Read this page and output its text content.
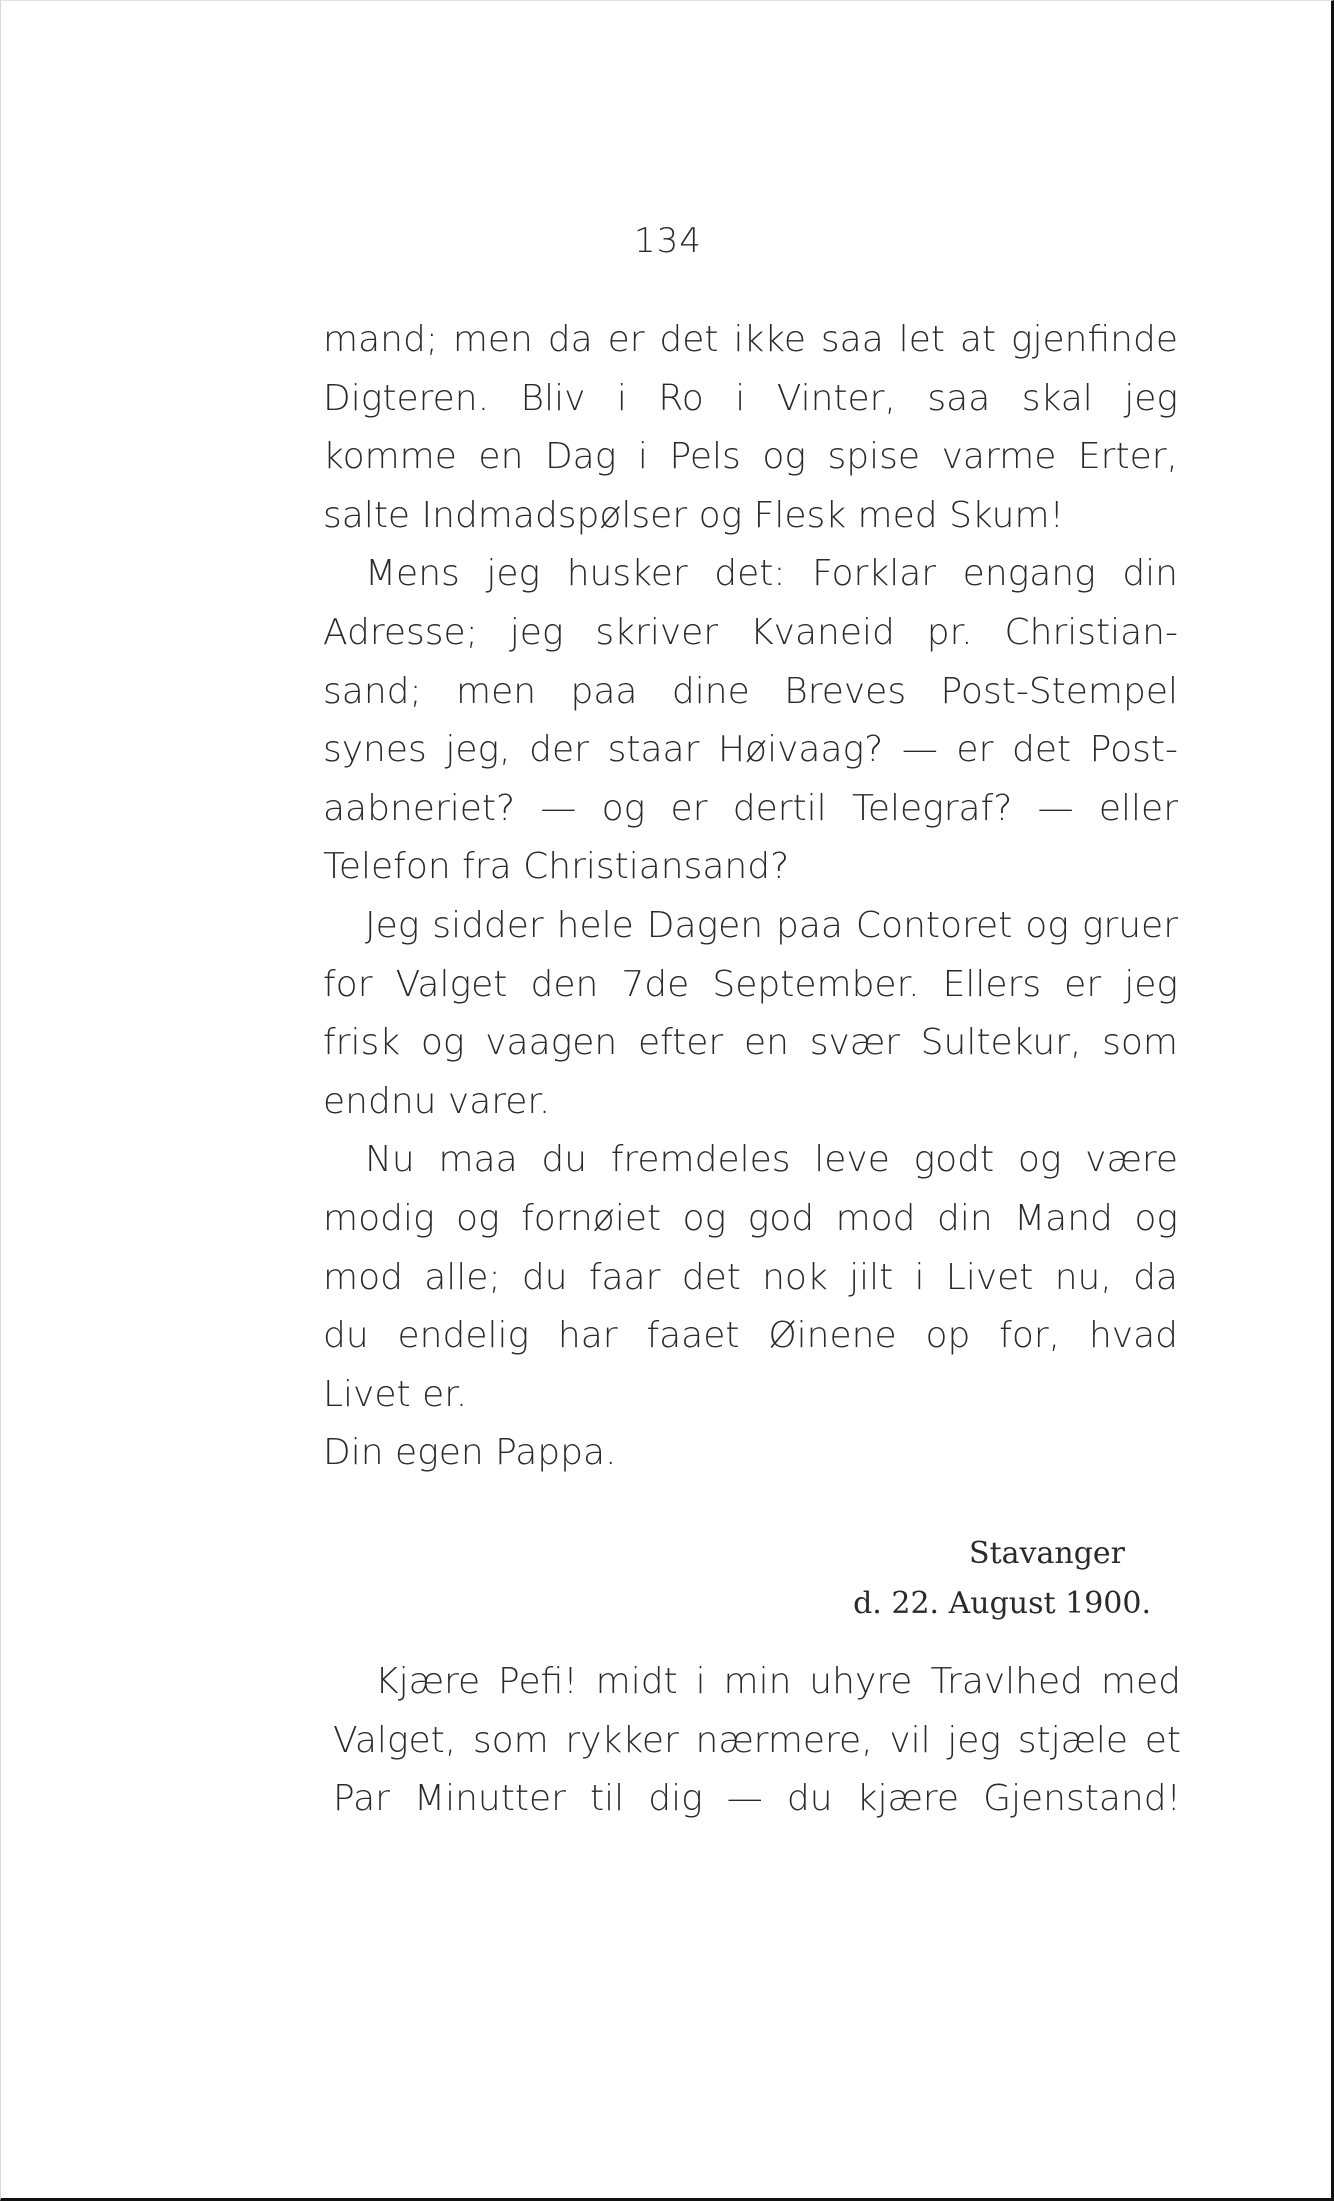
134
mand; men da er det ikke saa let at gjenfinde
Digteren. Bliv i Ro i Vinter, saa skal jeg
komme en Dag i Pels og spise varme Erter,
salte Indmadspølser og Flesk med Skum!
Mens jeg husker det: Forklar engang din
Adresse; jeg skriver Kvaneid pr. Christian-
sand; men paa dine Breves Post-Stempel
synes jeg, der staar Høivaag? — er det Post-
aabneriet? — og er dertil Telegraf? — eller
Telefon fra Christiansand?
Jeg sidder hele Dagen paa Contoret og gruer
for Valget den 7de September. Ellers er jeg
frisk og vaagen efter en svær Sultekur, som
endnu varer.
Nu maa du fremdeles leve godt og være
modig og fornøiet og god mod din Mand og
mod alle; du faar det nok jilt i Livet nu, da
du endelig har faaet Øinene op for, hvad
Livet er.
Din egen Pappa.
Stavanger
d. 22. August 1900.
Kjære Pefi! midt i min uhyre Travlhed med
Valget, som rykker nærmere, vil jeg stjæle et
Par Minutter til dig — du kjære Gjenstand!
